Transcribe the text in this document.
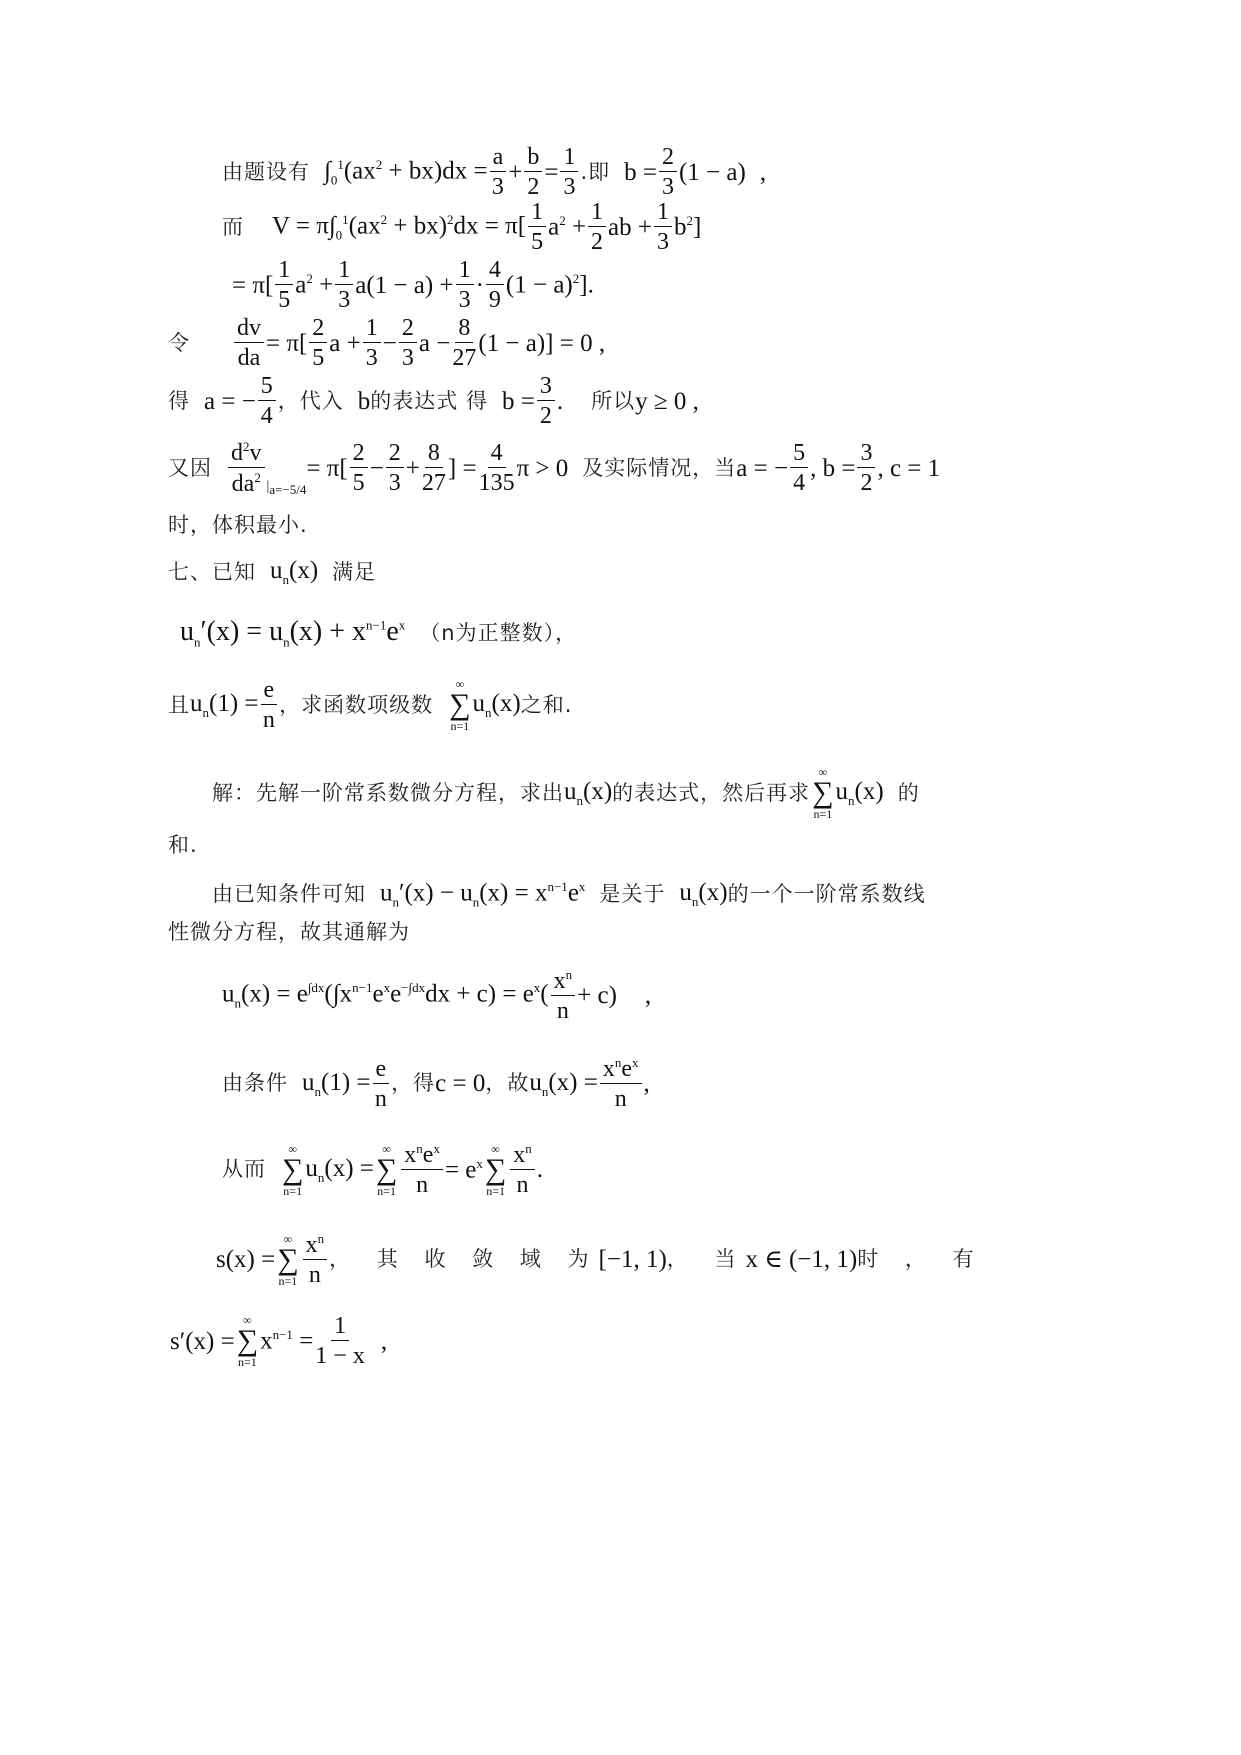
由题设有 $\int_0^1(ax^2 + bx)dx = \frac{a}{3} + \frac{b}{2} = \frac{1}{3}$ .即 $b = \frac{2}{3} (1 - a)$ ,
而 $V = \pi\int_0^1(ax^2 + bx)^2dx = \pi[ \frac{1}{5} a^2 + \frac{1}{2}$ ab + $\frac{1}{3} b^2$]
= $\pi[ \frac{1}{5} a^2 + \frac{1}{3} a(1 - a) + \frac{1}{3} \cdot \frac{4}{9} (1 - a)^2]$.
令 $\frac{dv}{da} = \pi[ \frac{2}{5}$ $a + \frac{1}{3} - \frac{2}{3}$ $a - \frac{8}{27} (1 - a)] = 0$ ,
得 a = − $\frac{5}{4}$ ，代入 b 的表达式 得 $b = \frac{3}{2}$ . 所以 y ≥ 0 ,
又因 $\frac{d^2v}{da^2} |_{a=-5/4}$
= $\pi[ \frac{2}{5} - \frac{2}{3} + \frac{8}{27}$ ] = $\frac{4}{135}$ π > 0 及实际情况，当 a = − $\frac{5}{4}$ , $b = \frac{3}{2}$ , c = 1
时，体积最小.
七、已知 $u_n(x)$ 满足
$u_n'(x) = u_n(x) + x^{n-1}e^x$ （n为正整数），
且 $u_n(1) = \frac{e}{n}$ ，求函数项级数
∞
∑
n=1
$u_n(x)$ 之和.
解：先解一阶常系数微分方程，求出 $u_n(x)$ 的表达式，然后再求
∞
∑
n=1
$u_n(x)$ 的
和.
由已知条件可知 $u_n'(x) - u_n(x) = x^{n-1}e^x$ 是关于 $u_n(x)$ 的一个一阶常系数线
性微分方程，故其通解为
$u_n(x) = e^{\int dx}(\int x^{n-1}e^xe^{-\int dx}dx + c) = e^x( \frac{x^n}{n} + c)$ ,
由条件 $u_n(1) = \frac{e}{n}$ ，得 c = 0 ，故 $u_n(x) = \frac{x^ne^x}{n}$ ,
从而
∞
∑
n=1
$u_n(x)$ =
∞
∑
$n=1 \frac{x^ne^x}{n} = e^x$
∞
∑
$n=1 \frac{x^n}{n}$ .
s(x) =
∞
∑
$n=1 \frac{x^n}{n}$ ， 其 收 敛 域 为 [−1, 1) ， 当 x ∈ (−1, 1) 时 ， 有
s′(x) =
∞
∑
n=1
$x^{n-1} = \frac{1}{1 - x}$ ,
